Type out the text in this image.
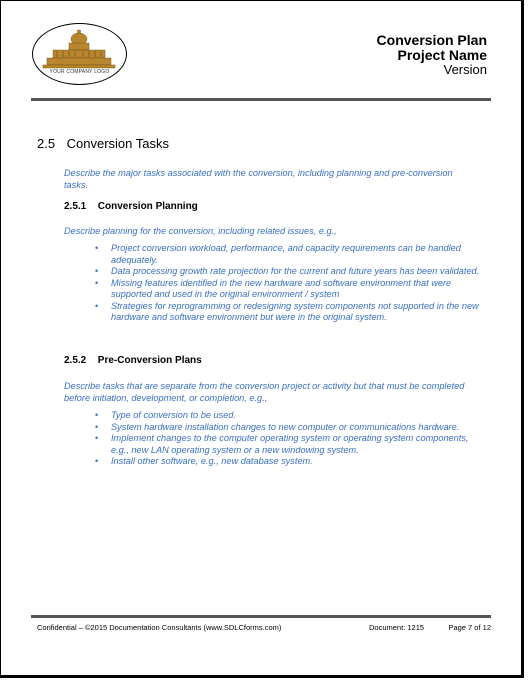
YOUR COMPANY LOGO
Conversion Plan
Project Name
Version
2.5 Conversion Tasks
Describe the major tasks associated with the conversion, including planning and pre-conversion tasks.
2.5.1 Conversion Planning
Describe planning for the conversion, including related issues, e.g.,
• Project conversion workload, performance, and capacity requirements can be handled adequately.
• Data processing growth rate projection for the current and future years has been validated.
• Missing features identified in the new hardware and software environment that were supported and used in the original environment / system
• Strategies for reprogramming or redesigning system components not supported in the new hardware and software environment but were in the original system.
2.5.2 Pre-Conversion Plans
Describe tasks that are separate from the conversion project or activity but that must be completed before initiation, development, or completion, e.g.,
• Type of conversion to be used.
• System hardware installation changes to new computer or communications hardware.
• Implement changes to the computer operating system or operating system components, e.g., new LAN operating system or a new windowing system.
• Install other software, e.g., new database system.
Confidential – ©2015 Documentation Consultants (www.SDLCforms.com)	Document: 1215	Page 7 of 12
